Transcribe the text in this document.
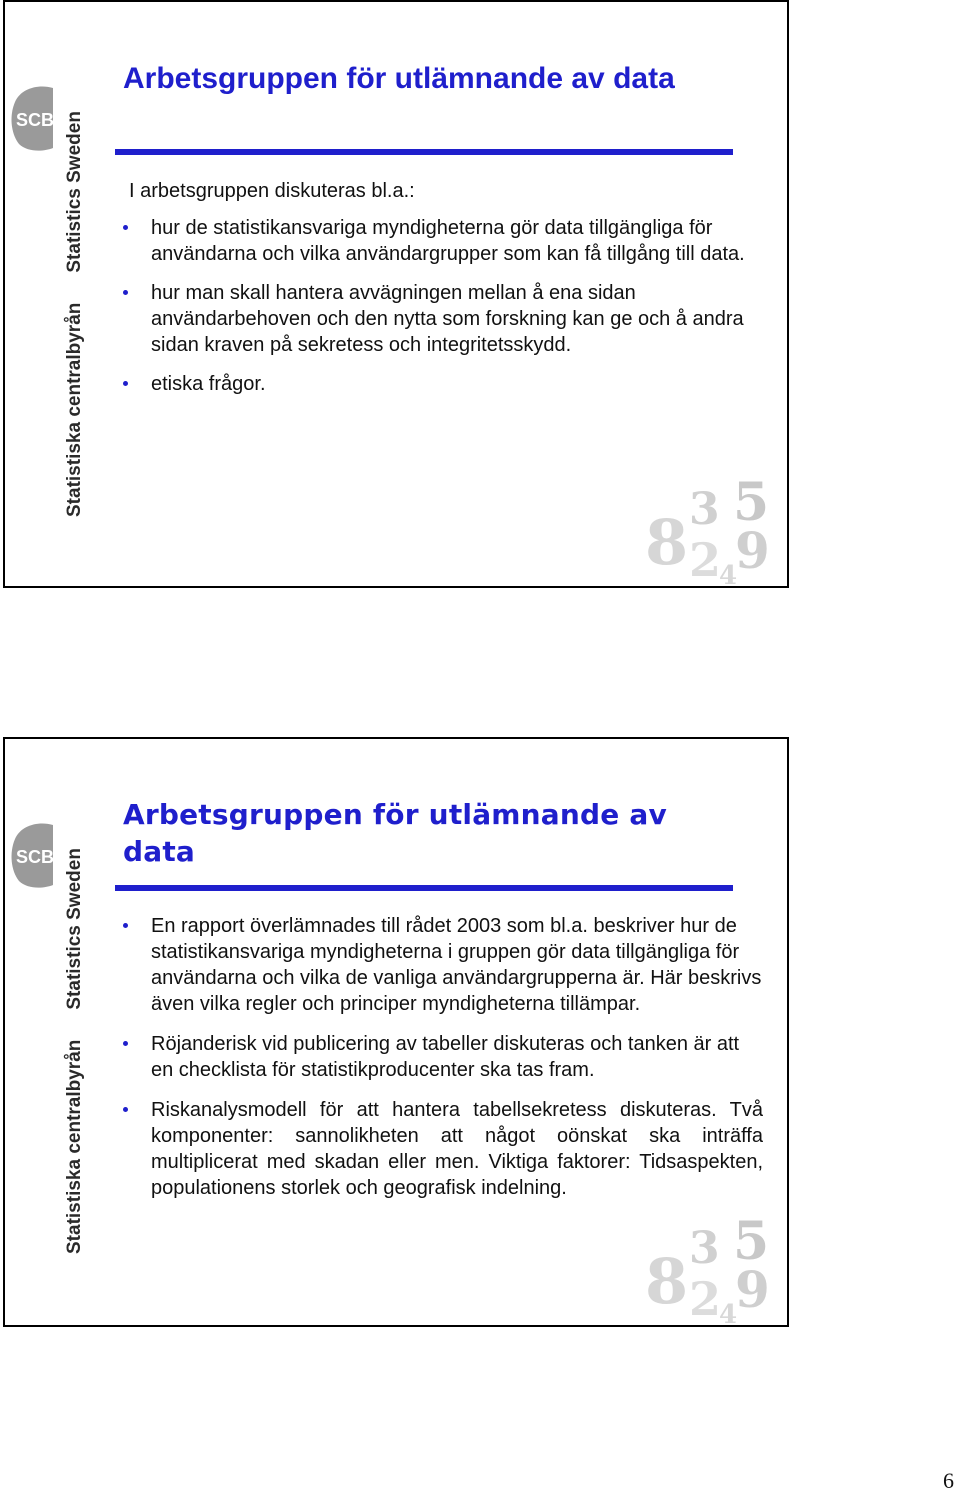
SCB
Statistiska centralbyrånStatistics Sweden
Arbetsgruppen för utlämnande av data
I arbetsgruppen diskuteras bl.a.:
hur de statistikansvariga myndigheterna gör data tillgängliga för användarna och vilka användargrupper som kan få tillgång till data.
hur man skall hantera avvägningen mellan å ena sidan användarbehoven och den nytta som forskning kan ge och å andra sidan kraven på sekretess och integritetsskydd.
etiska frågor.
8 3 5
2 9
4
SCB
Statistiska centralbyrånStatistics Sweden
Arbetsgruppen för utlämnande av data
En rapport överlämnades till rådet 2003 som bl.a. beskriver hur de statistikansvariga myndigheterna i gruppen gör data tillgängliga för användarna och vilka de vanliga användargrupperna är. Här beskrivs även vilka regler och principer myndigheterna tillämpar.
Röjanderisk vid publicering av tabeller diskuteras och tanken är att en checklista för statistikproducenter ska tas fram.
Riskanalysmodell för att hantera tabellsekretess diskuteras. Två komponenter: sannolikheten att något oönskat ska inträffa multiplicerat med skadan eller men. Viktiga faktorer: Tidsaspekten, populationens storlek och geografisk indelning.
8 3 5
2 9
4
6
